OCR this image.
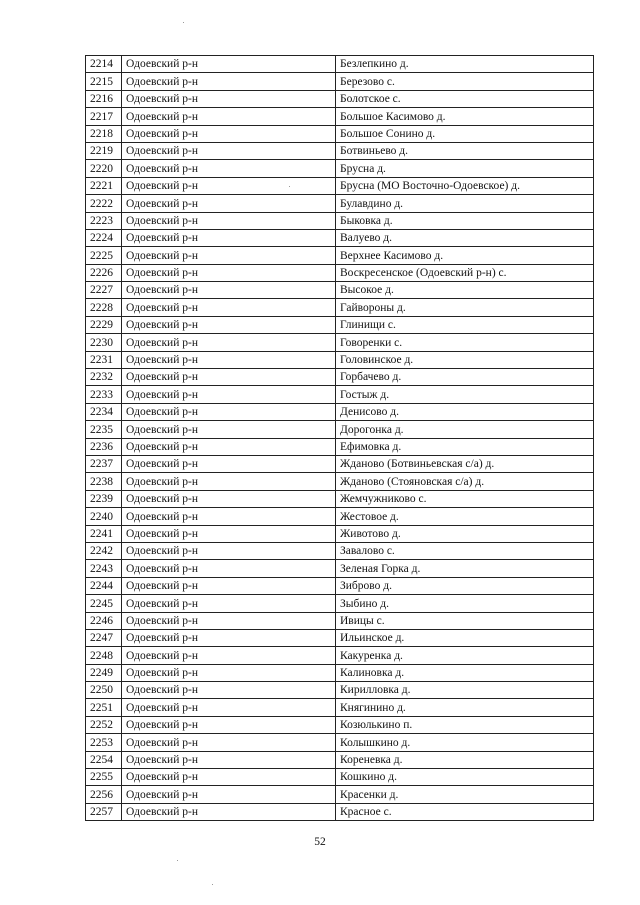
2214	Одоевский р-н	Безлепкино д.
2215	Одоевский р-н	Березово с.
2216	Одоевский р-н	Болотское с.
2217	Одоевский р-н	Большое Касимово д.
2218	Одоевский р-н	Большое Сонино д.
2219	Одоевский р-н	Ботвиньево д.
2220	Одоевский р-н	Брусна д.
2221	Одоевский р-н	Брусна (МО Восточно-Одоевское) д.
2222	Одоевский р-н	Булавдино д.
2223	Одоевский р-н	Быковка д.
2224	Одоевский р-н	Валуево д.
2225	Одоевский р-н	Верхнее Касимово д.
2226	Одоевский р-н	Воскресенское (Одоевский р-н) с.
2227	Одоевский р-н	Высокое д.
2228	Одоевский р-н	Гайвороны д.
2229	Одоевский р-н	Глинищи с.
2230	Одоевский р-н	Говоренки с.
2231	Одоевский р-н	Головинское д.
2232	Одоевский р-н	Горбачево д.
2233	Одоевский р-н	Гостыж д.
2234	Одоевский р-н	Денисово д.
2235	Одоевский р-н	Дорогонка д.
2236	Одоевский р-н	Ефимовка д.
2237	Одоевский р-н	Жданово (Ботвиньевская с/а) д.
2238	Одоевский р-н	Жданово (Стояновская с/а) д.
2239	Одоевский р-н	Жемчужниково с.
2240	Одоевский р-н	Жестовое д.
2241	Одоевский р-н	Животово д.
2242	Одоевский р-н	Завалово с.
2243	Одоевский р-н	Зеленая Горка д.
2244	Одоевский р-н	Зиброво д.
2245	Одоевский р-н	Зыбино д.
2246	Одоевский р-н	Ивицы с.
2247	Одоевский р-н	Ильинское д.
2248	Одоевский р-н	Какуренка д.
2249	Одоевский р-н	Калиновка д.
2250	Одоевский р-н	Кирилловка д.
2251	Одоевский р-н	Княгинино д.
2252	Одоевский р-н	Козюлькино п.
2253	Одоевский р-н	Колышкино д.
2254	Одоевский р-н	Кореневка д.
2255	Одоевский р-н	Кошкино д.
2256	Одоевский р-н	Красенки д.
2257	Одоевский р-н	Красное с.
52
